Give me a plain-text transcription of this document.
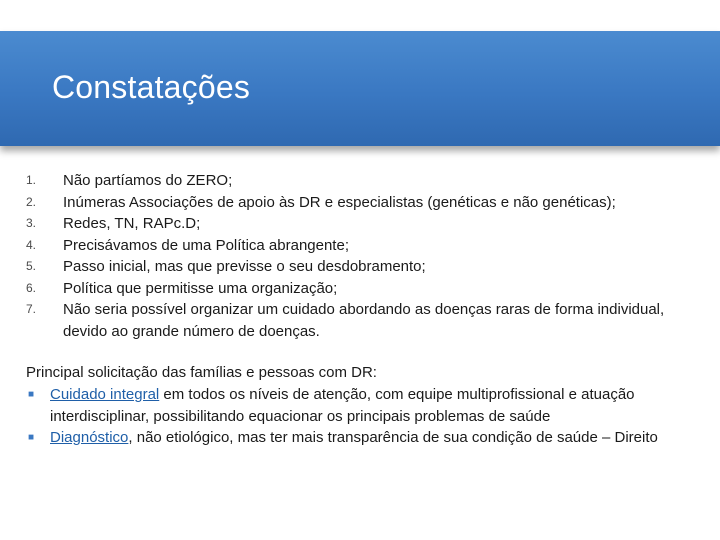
Constatações
1. Não partíamos do ZERO;
2. Inúmeras Associações de apoio às DR e especialistas (genéticas e não genéticas);
3. Redes, TN, RAPc.D;
4. Precisávamos de uma Política abrangente;
5. Passo inicial, mas que previsse o seu desdobramento;
6. Política que permitisse uma organização;
7. Não seria possível organizar um cuidado abordando as doenças raras de forma individual, devido ao grande número de doenças.
Principal solicitação das famílias e pessoas com DR:
■ Cuidado integral em todos os níveis de atenção, com equipe multiprofissional e atuação interdisciplinar, possibilitando equacionar os principais problemas de saúde
■ Diagnóstico, não etiológico, mas ter mais transparência de sua condição de saúde – Direito
